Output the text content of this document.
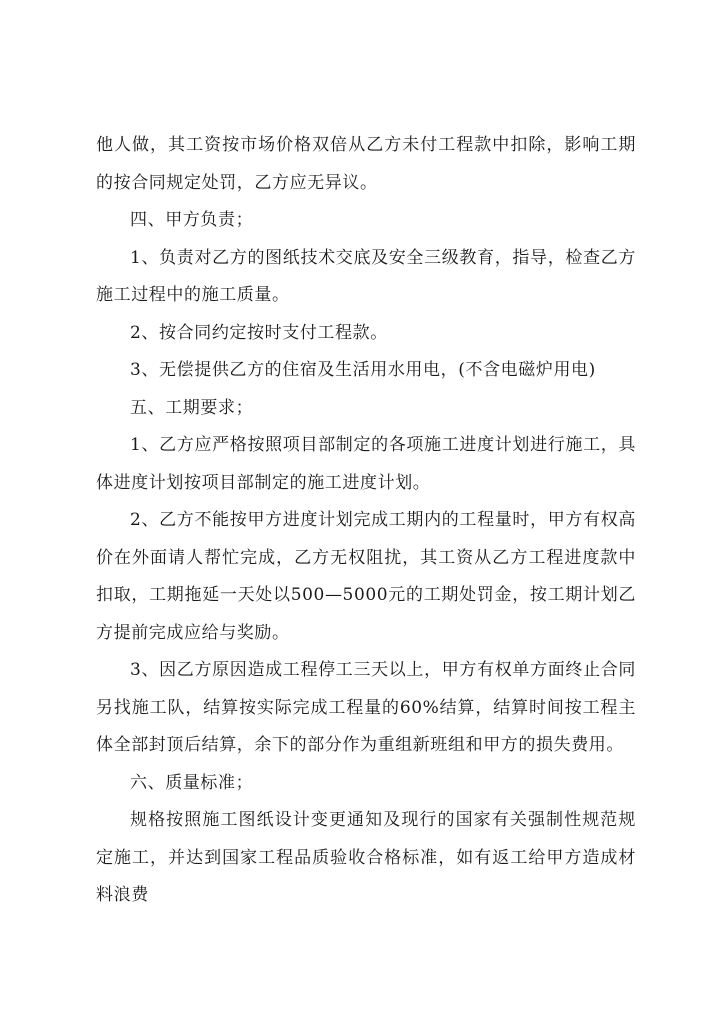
他人做，其工资按市场价格双倍从乙方未付工程款中扣除，影响工期的按合同规定处罚，乙方应无异议。

四、甲方负责；

1、负责对乙方的图纸技术交底及安全三级教育，指导，检查乙方施工过程中的施工质量。

2、按合同约定按时支付工程款。

3、无偿提供乙方的住宿及生活用水用电，(不含电磁炉用电)

五、工期要求；

1、乙方应严格按照项目部制定的各项施工进度计划进行施工，具体进度计划按项目部制定的施工进度计划。

2、乙方不能按甲方进度计划完成工期内的工程量时，甲方有权高价在外面请人帮忙完成，乙方无权阻扰，其工资从乙方工程进度款中扣取，工期拖延一天处以500—5000元的工期处罚金，按工期计划乙方提前完成应给与奖励。

3、因乙方原因造成工程停工三天以上，甲方有权单方面终止合同另找施工队，结算按实际完成工程量的60%结算，结算时间按工程主体全部封顶后结算，余下的部分作为重组新班组和甲方的损失费用。

六、质量标准；

规格按照施工图纸设计变更通知及现行的国家有关强制性规范规定施工，并达到国家工程品质验收合格标准，如有返工给甲方造成材料浪费
